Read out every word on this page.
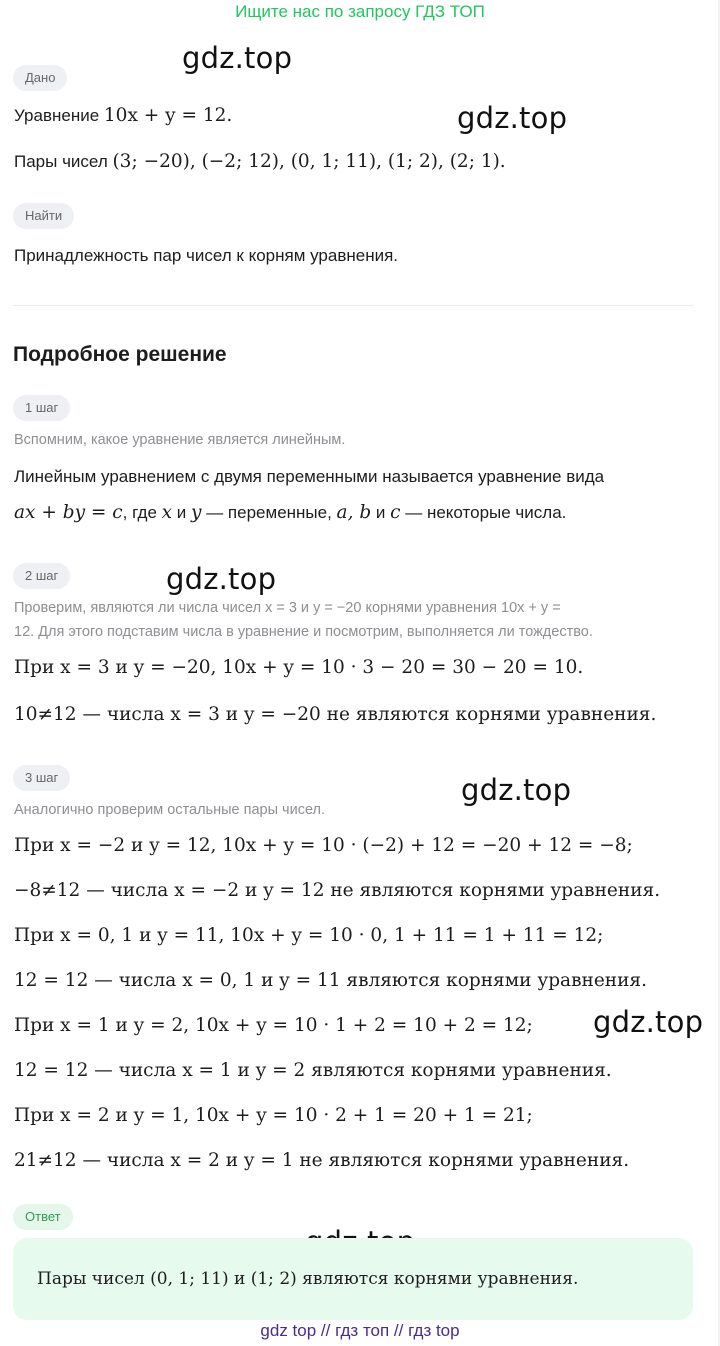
Ищите нас по запросу ГДЗ ТОП
gdz.top
gdz.top
gdz.top
gdz.top
gdz.top
Дано
Уравнение 10x + y = 12.
Пары чисел (3; −20), (−2; 12), (0, 1; 11), (1; 2), (2; 1).
Найти
Принадлежность пар чисел к корням уравнения.
Подробное решение
1 шаг
Вспомним, какое уравнение является линейным.
Линейным уравнением с двумя переменными называется уравнение вида
ax + by = c, где x и y — переменные, a, b и c — некоторые числа.
2 шаг
Проверим, являются ли числа чисел x = 3 и y = −20 корнями уравнения 10x + y =
12. Для этого подставим числа в уравнение и посмотрим, выполняется ли тождество.
При x = 3 и y = −20, 10x + y = 10 · 3 − 20 = 30 − 20 = 10.
10≠12 — числа x = 3 и y = −20 не являются корнями уравнения.
3 шаг
Аналогично проверим остальные пары чисел.
При x = −2 и y = 12, 10x + y = 10 · (−2) + 12 = −20 + 12 = −8;
−8≠12 — числа x = −2 и y = 12 не являются корнями уравнения.
При x = 0, 1 и y = 11, 10x + y = 10 · 0, 1 + 11 = 1 + 11 = 12;
12 = 12 — числа x = 0, 1 и y = 11 являются корнями уравнения.
При x = 1 и y = 2, 10x + y = 10 · 1 + 2 = 10 + 2 = 12;
12 = 12 — числа x = 1 и y = 2 являются корнями уравнения.
При x = 2 и y = 1, 10x + y = 10 · 2 + 1 = 20 + 1 = 21;
21≠12 — числа x = 2 и y = 1 не являются корнями уравнения.
Ответ
Пары чисел (0, 1; 11) и (1; 2) являются корнями уравнения.
gdz top // гдз топ // гдз top
